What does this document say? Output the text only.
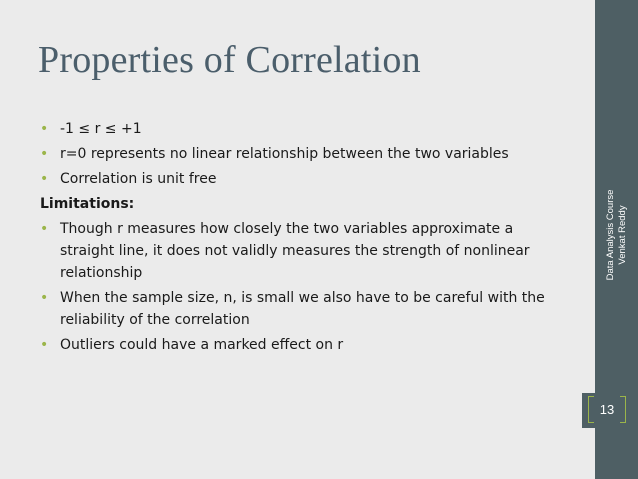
Properties of Correlation
• -1 ≤ r ≤ +1
• r=0 represents no linear relationship between the two variables
• Correlation is unit free

Limitations:

• Though r measures how closely the two variables approximate a straight line, it does not validly measures the strength of nonlinear relationship
• When the sample size, n, is small we also have to be careful with the reliability of the correlation
• Outliers could have a marked effect on r
Data Analysis Course Venkat Reddy
13
